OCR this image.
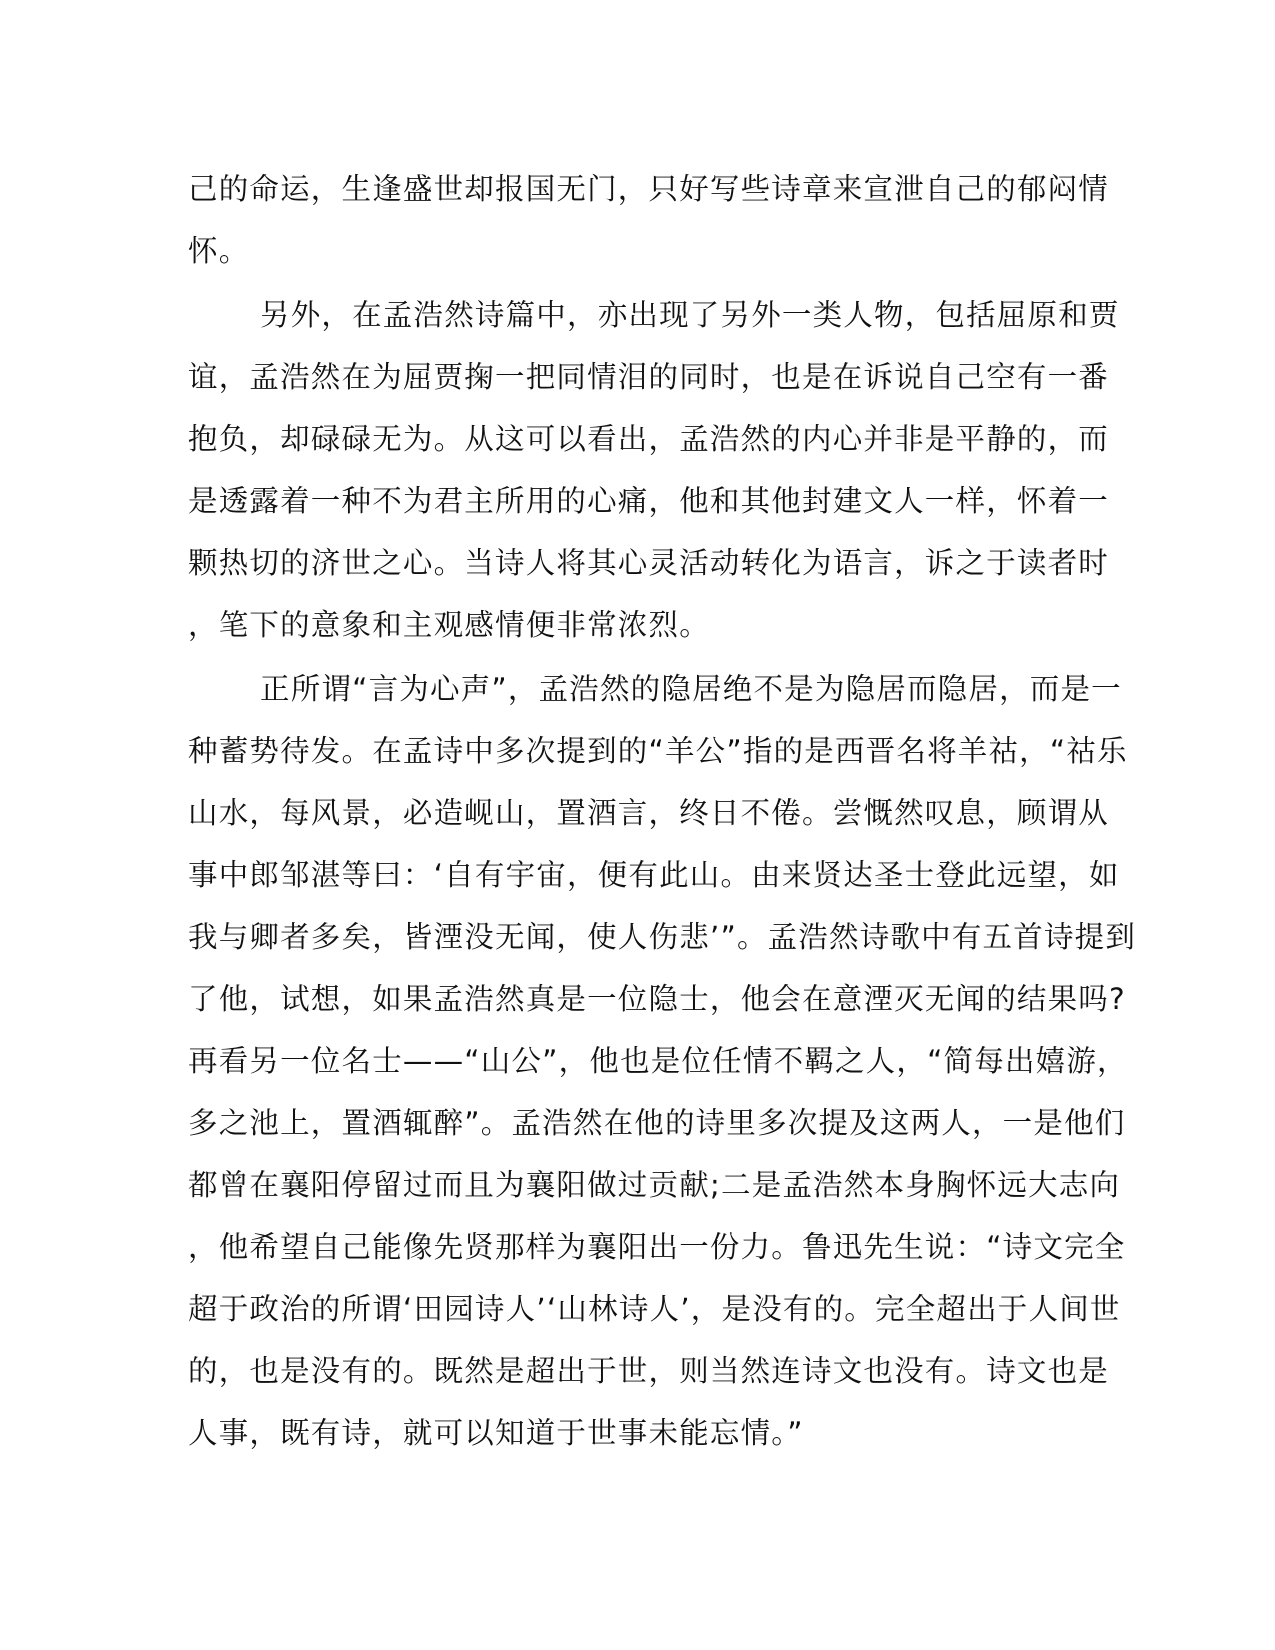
己的命运，生逢盛世却报国无门，只好写些诗章来宣泄自己的郁闷情
怀。
另外，在孟浩然诗篇中，亦出现了另外一类人物，包括屈原和贾
谊，孟浩然在为屈贾掬一把同情泪的同时，也是在诉说自己空有一番
抱负，却碌碌无为。从这可以看出，孟浩然的内心并非是平静的，而
是透露着一种不为君主所用的心痛，他和其他封建文人一样，怀着一
颗热切的济世之心。当诗人将其心灵活动转化为语言，诉之于读者时
，笔下的意象和主观感情便非常浓烈。
正所谓“言为心声”，孟浩然的隐居绝不是为隐居而隐居，而是一
种蓄势待发。在孟诗中多次提到的“羊公”指的是西晋名将羊祜，“祜乐
山水，每风景，必造岘山，置酒言，终日不倦。尝慨然叹息，顾谓从
事中郎邹湛等曰：‘自有宇宙，便有此山。由来贤达圣士登此远望，如
我与卿者多矣，皆湮没无闻，使人伤悲’”。孟浩然诗歌中有五首诗提到
了他，试想，如果孟浩然真是一位隐士，他会在意湮灭无闻的结果吗?
再看另一位名士——“山公”，他也是位任情不羁之人，“简每出嬉游，
多之池上，置酒辄醉”。孟浩然在他的诗里多次提及这两人，一是他们
都曾在襄阳停留过而且为襄阳做过贡献;二是孟浩然本身胸怀远大志向
，他希望自己能像先贤那样为襄阳出一份力。鲁迅先生说：“诗文完全
超于政治的所谓‘田园诗人’‘山林诗人’，是没有的。完全超出于人间世
的，也是没有的。既然是超出于世，则当然连诗文也没有。诗文也是
人事，既有诗，就可以知道于世事未能忘情。”
